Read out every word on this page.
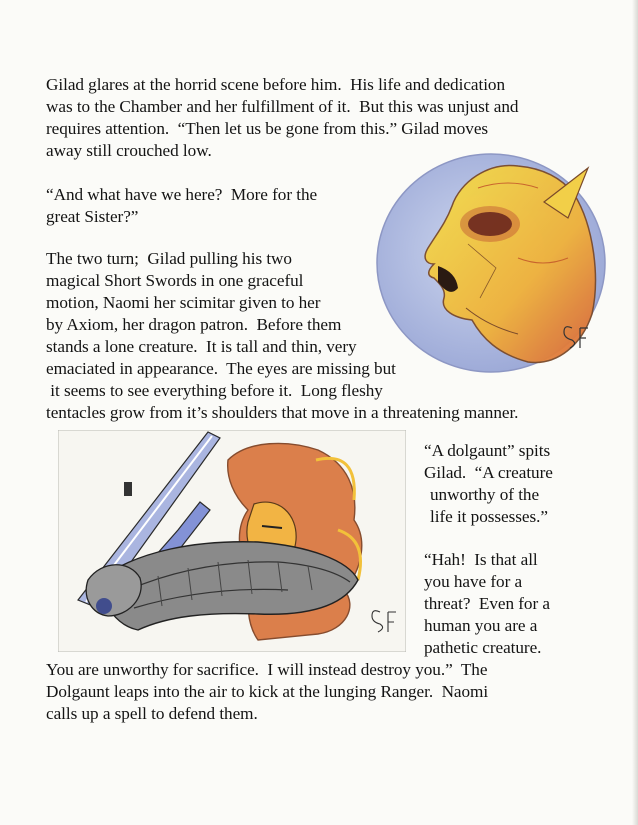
Gilad glares at the horrid scene before him.  His life and dedication
was to the Chamber and her fulfillment of it.  But this was unjust and
requires attention.  “Then let us be gone from this.” Gilad moves
away still crouched low.
“And what have we here?  More for the
great Sister?”
The two turn;  Gilad pulling his two
magical Short Swords in one graceful
motion, Naomi her scimitar given to her
by Axiom, her dragon patron.  Before them
stands a lone creature.  It is tall and thin, very
emaciated in appearance.  The eyes are missing but
it seems to see everything before it.  Long fleshy
tentacles grow from it’s shoulders that move in a threatening manner.
“A dolgaunt” spits
Gilad.  “A creature
unworthy of the
life it possesses.”
“Hah!  Is that all
you have for a
threat?  Even for a
human you are a
pathetic creature.
You are unworthy for sacrifice.  I will instead destroy you.”  The
Dolgaunt leaps into the air to kick at the lunging Ranger.  Naomi
calls up a spell to defend them.
